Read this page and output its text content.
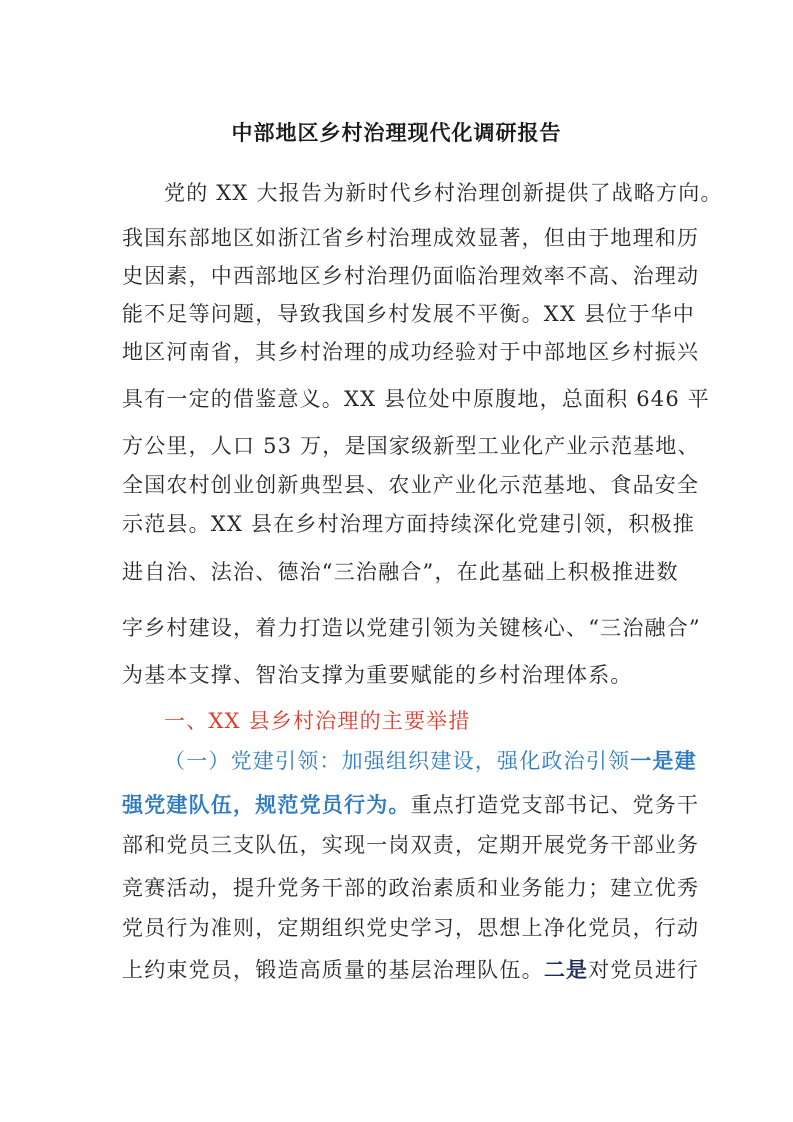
中部地区乡村治理现代化调研报告
党的 XX 大报告为新时代乡村治理创新提供了战略方向。
我国东部地区如浙江省乡村治理成效显著，但由于地理和历
史因素，中西部地区乡村治理仍面临治理效率不高、治理动
能不足等问题，导致我国乡村发展不平衡。XX 县位于华中
地区河南省，其乡村治理的成功经验对于中部地区乡村振兴
具有一定的借鉴意义。XX 县位处中原腹地，总面积 646 平
方公里，人口 53 万，是国家级新型工业化产业示范基地、
全国农村创业创新典型县、农业产业化示范基地、食品安全
示范县。XX 县在乡村治理方面持续深化党建引领，积极推
进自治、法治、德治“三治融合”，在此基础上积极推进数
字乡村建设，着力打造以党建引领为关键核心、“三治融合”
为基本支撑、智治支撑为重要赋能的乡村治理体系。
一、XX 县乡村治理的主要举措
（一）党建引领：加强组织建设，强化政治引领一是建
强党建队伍，规范党员行为。重点打造党支部书记、党务干
部和党员三支队伍，实现一岗双责，定期开展党务干部业务
竞赛活动，提升党务干部的政治素质和业务能力；建立优秀
党员行为准则，定期组织党史学习，思想上净化党员，行动
上约束党员，锻造高质量的基层治理队伍。二是对党员进行
